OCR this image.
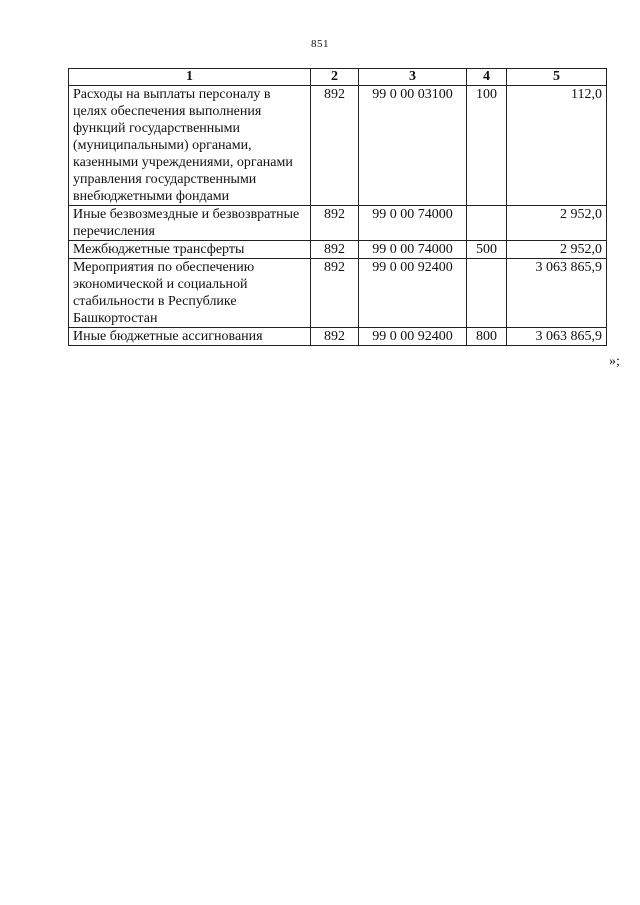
851
1	2	3	4	5
Расходы на выплаты персоналу в целях обеспечения выполнения функций государственными (муниципальными) органами, казенными учреждениями, органами управления государственными внебюджетными фондами	892	99 0 00 03100	100	112,0
Иные безвозмездные и безвозвратные перечисления	892	99 0 00 74000		2 952,0
Межбюджетные трансферты	892	99 0 00 74000	500	2 952,0
Мероприятия по обеспечению экономической и социальной стабильности в Республике Башкортостан	892	99 0 00 92400		3 063 865,9
Иные бюджетные ассигнования	892	99 0 00 92400	800	3 063 865,9
»;
